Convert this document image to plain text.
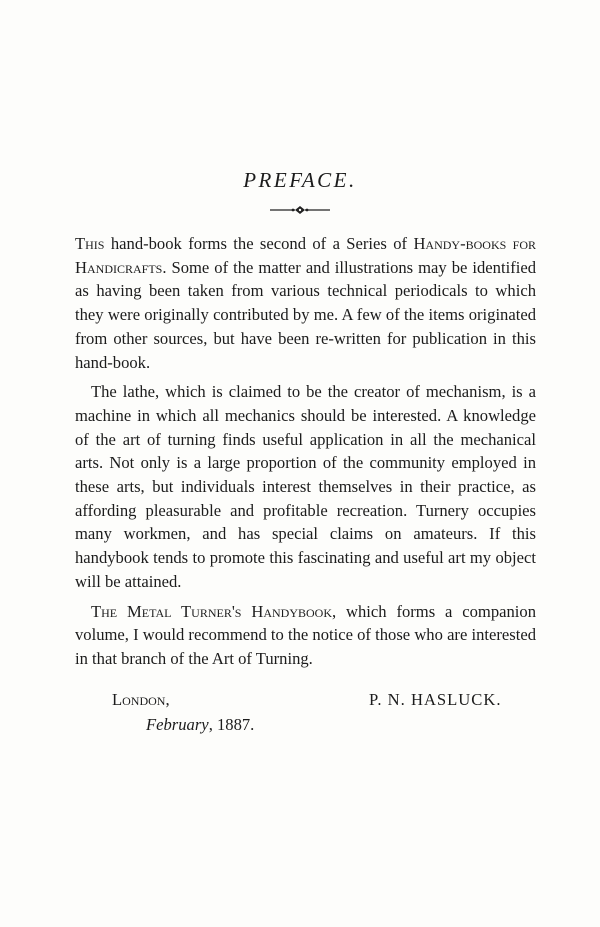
PREFACE.

This hand-book forms the second of a Series of Handy-books for Handicrafts. Some of the matter and illustrations may be identified as having been taken from various technical periodicals to which they were originally contributed by me. A few of the items originated from other sources, but have been re-written for publication in this hand-book.

The lathe, which is claimed to be the creator of mechanism, is a machine in which all mechanics should be interested. A knowledge of the art of turning finds useful application in all the mechanical arts. Not only is a large proportion of the community employed in these arts, but individuals interest themselves in their practice, as affording pleasurable and profitable recreation. Turnery occupies many workmen, and has special claims on amateurs. If this handybook tends to promote this fascinating and useful art my object will be attained.

The Metal Turner's Handybook, which forms a companion volume, I would recommend to the notice of those who are interested in that branch of the Art of Turning.

London,
February, 1887.
P. N. HASLUCK.
